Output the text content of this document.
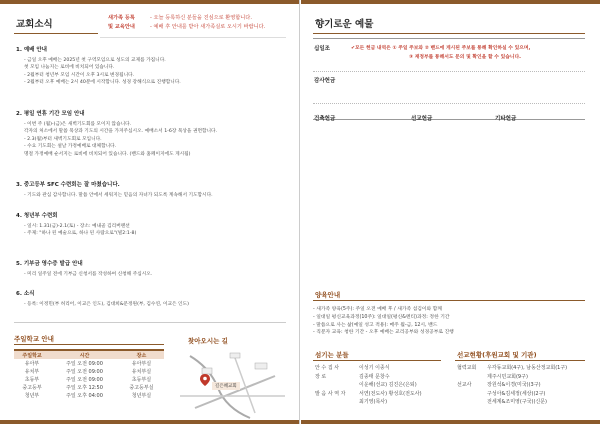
교회소식
새가족 등록	- 오늘 등록하신 분들을 진심으로 환영합니다.
및 교육안내	- 예배 후 안내를 받아 새가족실로 오시기 바랍니다.
1. 예배 안내
- 금일 오후 예배는 2025년 첫 구역모임으로 성도의 교제를 가집니다.
첫 모임 나눔지는 로비에 비치되어 있습니다.
- 2월부터 청년부 모임 시간이 오후 3시로 변경됩니다.
- 2월부터 오후 예배는 2시 40분에 시작합니다. 성경 강해식으로 진행합니다.
2. 평일 연휴 기간 모임 안내
- 이번 주 (월)-(금)은 새벽기도회를 모이지 않습니다.
각자의 처소에서 말씀 묵상과 기도의 시간을 가져주십시오. 예배소서 1-6장 묵상을 권면합니다.
- 2.3(월)부터 새벽기도회로 모입니다.
- 수요 기도회는 설날 가정예배로 대체합니다.
명절 가정예배 순서지는 로비에 비치되어 있습니다. (밴드와 홈페이지에도 게시됨)
3. 중고등부 SFC 수련회는 잘 마쳤습니다.
- 기도와 관심 감사합니다. 말씀 안에서 세워지는 믿음의 자녀가 되도록 계속해서 기도합시다.
4. 청년부 수련회
- 일시: 1.31(금)-2.1(토) - 장소: 예내골 김리버랜션
- 주제: "하나 된 예술으로, 하나 된 사람으로"(빌2:1-8)
5. 기부금 영수증 발급 안내
- 미리 일주일 전에 기부금 신청서를 작성하여 신청해 주십시오.
6. 소식
- 등록: 이정민(부 허리어, 이교은 인도), 김대희&문정원(부, 김수연, 이교은 인도)
주일학교 안내
주일학교	시간	장소
유아부	주일 오전 09:00	유아부실
유치부	주일 오전 09:00	유치부실
초등부	주일 오전 09:00	초등부실
중고등부	주일 오후 12:50	중고등부실
청년부	주일 오후 04:00	청년부실
찾아오시는 길
길은혜교회
향기로운 예물
십일조
감사헌금
건축헌금	선교헌금	기타헌금
✔모든 헌금 내역은 ① 주일 주보와 ② 밴드에 게시된 주보를 통해 확인하실 수 있으며,
③ 재정부를 통해서도 문의 및 확인을 할 수 있습니다.
양육안내
- 새가족 양육(5주): 주일 오전 예배 후 / 새가족 섬김이와 함께
- 일대일 평신교육과정(10주): 일대일(평신&멘티)과정: 정한 기간
- 말씀으로 사는 삶(예일 성고 적용): 매주 월-금, 12시, 밴드
- 직분자 교육: 청한 기간 - 오후 예배는 교리공부와 성경공부로 진행
섬기는 분들
안 수 집 사	이성기 이종식
장 로	김종태 문창수
이운해(선교) 김진은(은퇴)
발 음 사 역 자	서연(전도사) 황성호(전도사)
최기영(목사)
선교현황(후원교회 및 기관)
협력교회 우각동교회(4구), 남동산정교회(1구)
제주시민교회(9구)
선교사	장원석&이경(미국)(3구)
구성아&김세정(세상)(2구)
전세계&조미영(구국)(신문)
